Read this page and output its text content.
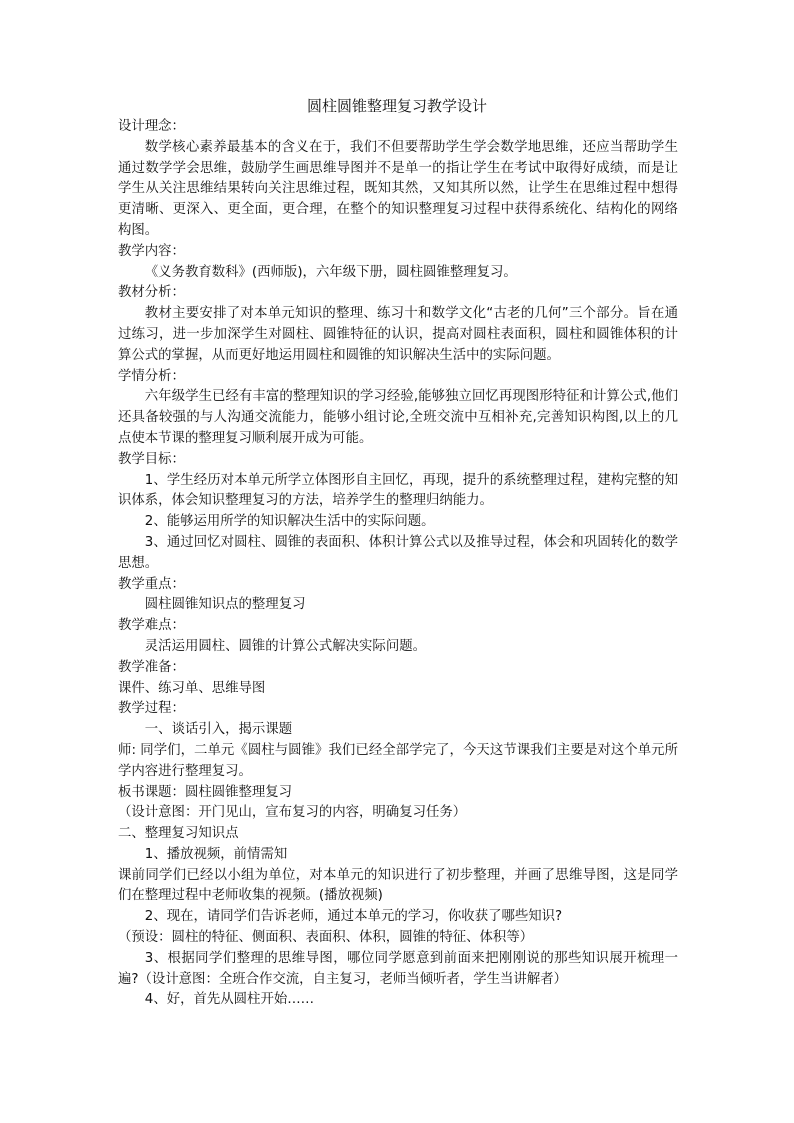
圆柱圆锥整理复习教学设计

设计理念：

数学核心素养最基本的含义在于，我们不但要帮助学生学会数学地思维，还应当帮助学生通过数学学会思维，鼓励学生画思维导图并不是单一的指让学生在考试中取得好成绩，而是让学生从关注思维结果转向关注思维过程，既知其然，又知其所以然，让学生在思维过程中想得更清晰、更深入、更全面，更合理，在整个的知识整理复习过程中获得系统化、结构化的网络构图。

教学内容：

《义务教育数科》(西师版)，六年级下册，圆柱圆锥整理复习。

教材分析：

教材主要安排了对本单元知识的整理、练习十和数学文化“古老的几何”三个部分。旨在通过练习，进一步加深学生对圆柱、圆锥特征的认识，提高对圆柱表面积，圆柱和圆锥体积的计算公式的掌握，从而更好地运用圆柱和圆锥的知识解决生活中的实际问题。

学情分析：

六年级学生已经有丰富的整理知识的学习经验,能够独立回忆再现图形特征和计算公式,他们还具备较强的与人沟通交流能力，能够小组讨论,全班交流中互相补充,完善知识构图,以上的几点使本节课的整理复习顺利展开成为可能。

教学目标：

1、学生经历对本单元所学立体图形自主回忆，再现，提升的系统整理过程，建构完整的知识体系，体会知识整理复习的方法，培养学生的整理归纳能力。

2、能够运用所学的知识解决生活中的实际问题。

3、通过回忆对圆柱、圆锥的表面积、体积计算公式以及推导过程，体会和巩固转化的数学思想。

教学重点：

圆柱圆锥知识点的整理复习

教学难点：

灵活运用圆柱、圆锥的计算公式解决实际问题。

教学准备：

课件、练习单、思维导图

教学过程：

一、谈话引入，揭示课题

师: 同学们，二单元《圆柱与圆锥》我们已经全部学完了，今天这节课我们主要是对这个单元所学内容进行整理复习。

板书课题：圆柱圆锥整理复习

（设计意图：开门见山，宣布复习的内容，明确复习任务）

二、整理复习知识点

1、播放视频，前情需知

课前同学们已经以小组为单位，对本单元的知识进行了初步整理，并画了思维导图，这是同学们在整理过程中老师收集的视频。(播放视频)

2、现在，请同学们告诉老师，通过本单元的学习，你收获了哪些知识?

（预设：圆柱的特征、侧面积、表面积、体积，圆锥的特征、体积等）

3、根据同学们整理的思维导图，哪位同学愿意到前面来把刚刚说的那些知识展开梳理一遍?（设计意图：全班合作交流，自主复习，老师当倾听者，学生当讲解者）

4、好，首先从圆柱开始……
